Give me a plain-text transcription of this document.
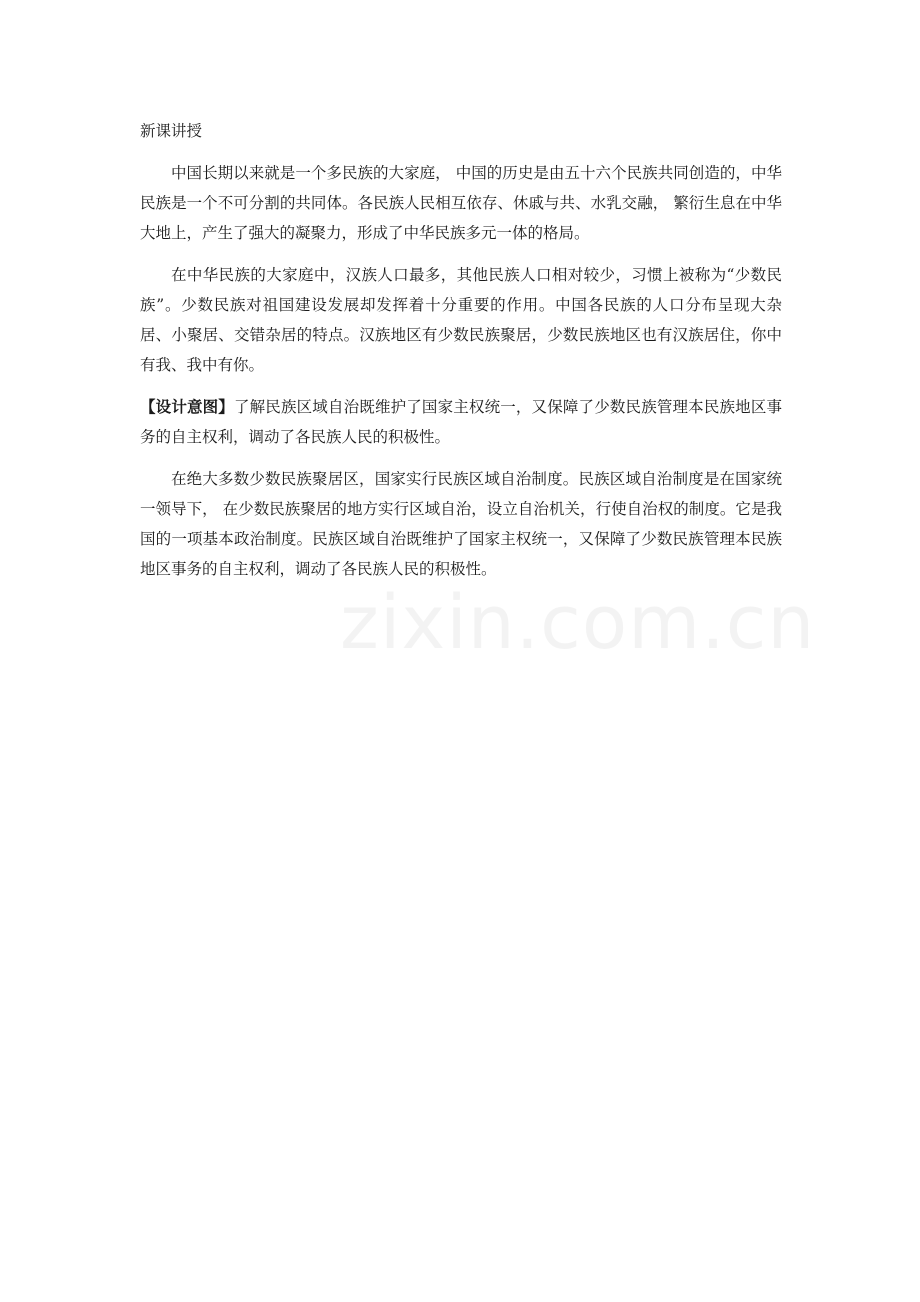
新课讲授

中国长期以来就是一个多民族的大家庭， 中国的历史是由五十六个民族共同创造的，中华民族是一个不可分割的共同体。各民族人民相互依存、休戚与共、水乳交融， 繁衍生息在中华大地上，产生了强大的凝聚力，形成了中华民族多元一体的格局。

在中华民族的大家庭中，汉族人口最多，其他民族人口相对较少，习惯上被称为“少数民族”。少数民族对祖国建设发展却发挥着十分重要的作用。中国各民族的人口分布呈现大杂居、小聚居、交错杂居的特点。汉族地区有少数民族聚居，少数民族地区也有汉族居住，你中有我、我中有你。

【设计意图】了解民族区域自治既维护了国家主权统一，又保障了少数民族管理本民族地区事务的自主权利，调动了各民族人民的积极性。

在绝大多数少数民族聚居区，国家实行民族区域自治制度。民族区域自治制度是在国家统一领导下， 在少数民族聚居的地方实行区域自治，设立自治机关，行使自治权的制度。它是我国的一项基本政治制度。民族区域自治既维护了国家主权统一，又保障了少数民族管理本民族地区事务的自主权利，调动了各民族人民的积极性。

zixin.com.cn
